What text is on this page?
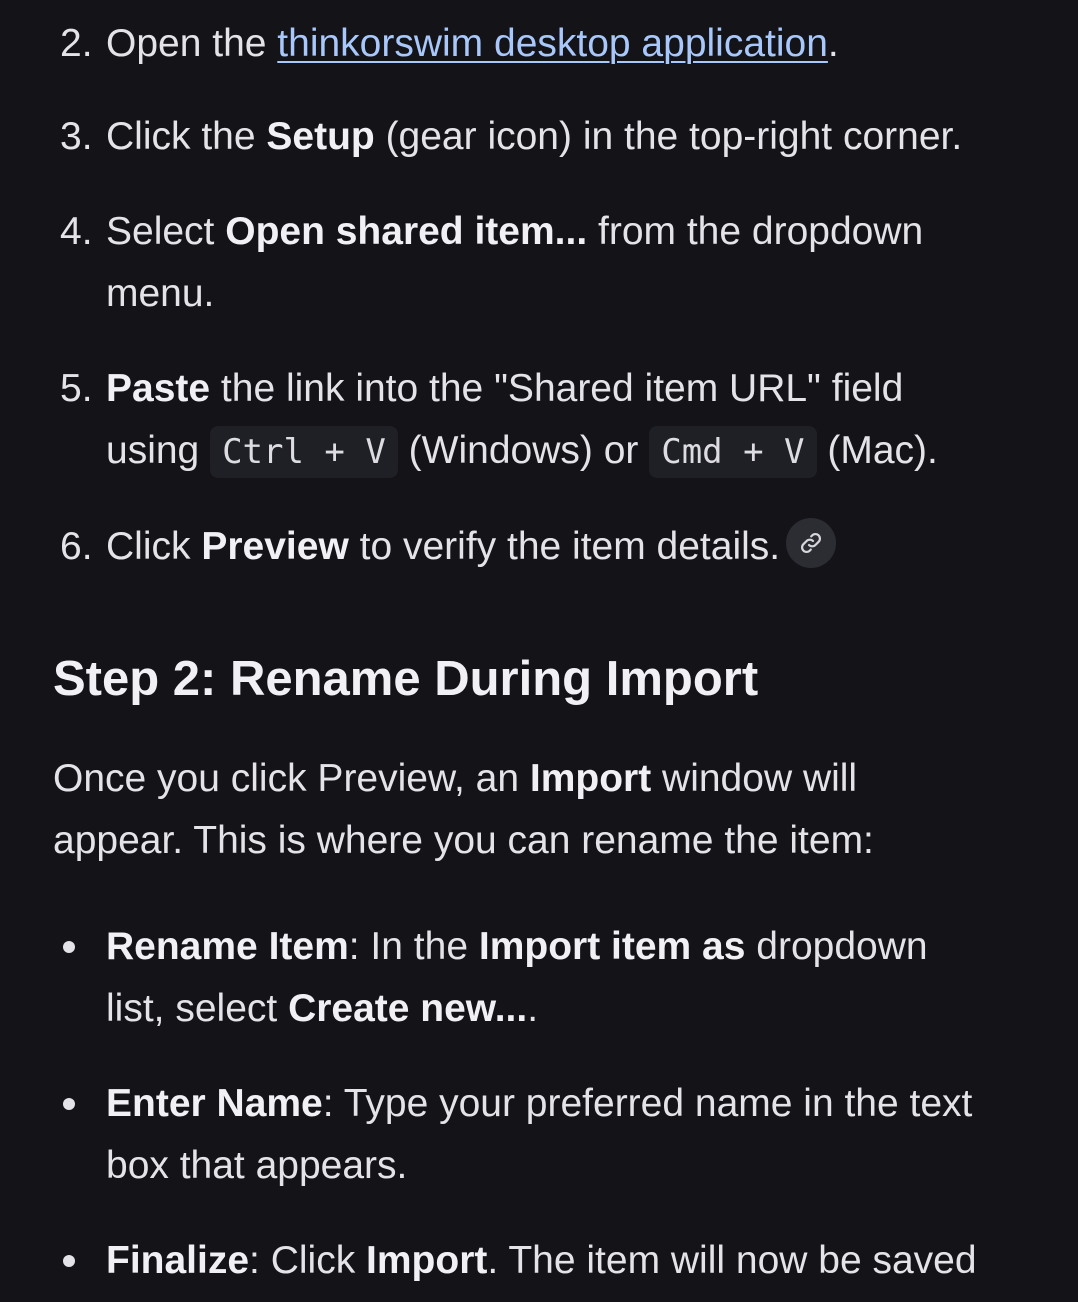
2. Open the thinkorswim desktop application.
3. Click the Setup (gear icon) in the top-right corner.
4. Select Open shared item... from the dropdown menu.
5. Paste the link into the "Shared item URL" field using Ctrl + V (Windows) or Cmd + V (Mac).
6. Click Preview to verify the item details.
Step 2: Rename During Import
Once you click Preview, an Import window will appear. This is where you can rename the item:
Rename Item: In the Import item as dropdown list, select Create new....
Enter Name: Type your preferred name in the text box that appears.
Finalize: Click Import. The item will now be saved
